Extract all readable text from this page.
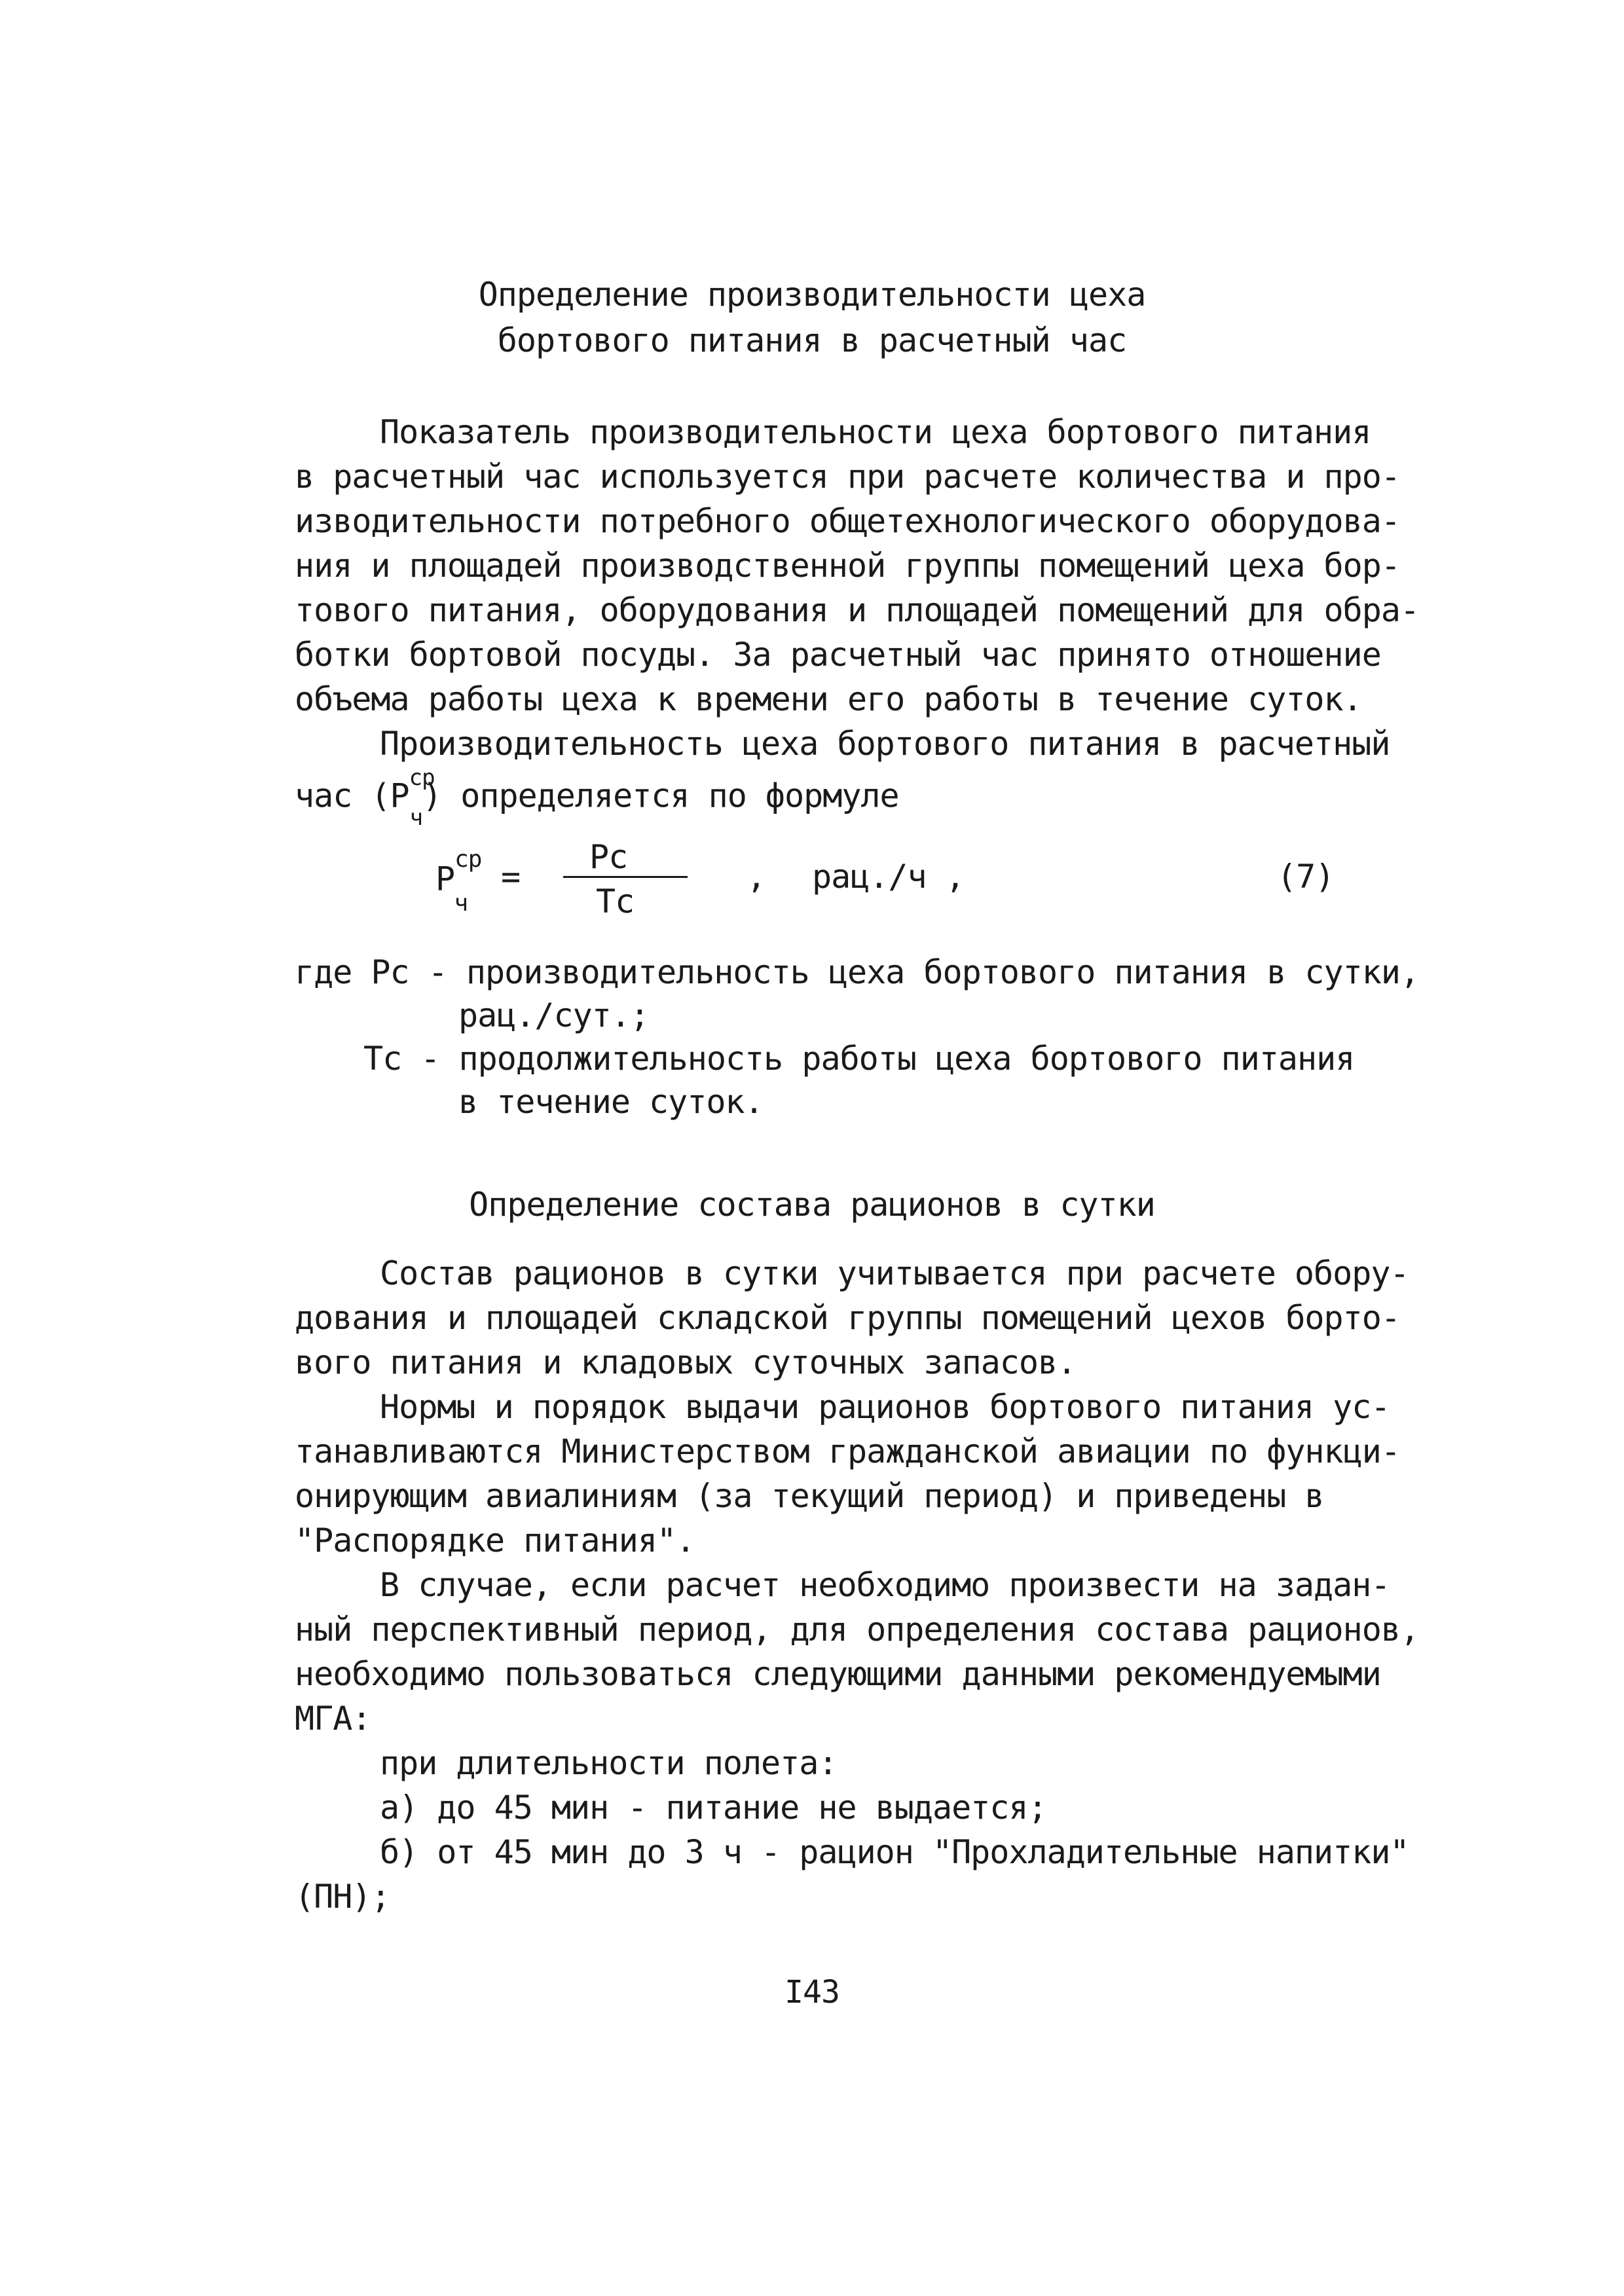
Определение производительности цеха
бортового питания в расчетный час
Показатель производительности цеха бортового питания
в расчетный час используется при расчете количества и про-
изводительности потребного общетехнологического оборудова-
ния и площадей производственной группы помещений цеха бор-
тового питания, оборудования и площадей помещений для обра-
ботки бортовой посуды. За расчетный час принято отношение
объема работы цеха к времени его работы в течение суток.
Производительность цеха бортового питания в расчетный
час $(Р^{ср}_ч)$ определяется по формуле
$Р^{ср}_ч$
=
Рс
Тс
, рац./ч ,	(7)
где Рс - производительность цеха бортового питания в сутки,
рац./сут.;
Тс - продолжительность работы цеха бортового питания
в течение суток.
Определение состава рационов в сутки
Состав рационов в сутки учитывается при расчете обору-
дования и площадей складской группы помещений цехов борто-
вого питания и кладовых суточных запасов.
Нормы и порядок выдачи рационов бортового питания ус-
танавливаются Министерством гражданской авиации по функци-
онирующим авиалиниям (за текущий период) и приведены в
"Распорядке питания".
В случае, если расчет необходимо произвести на задан-
ный перспективный период, для определения состава рационов,
необходимо пользоваться следующими данными рекомендуемыми
МГА:
при длительности полета:
а) до 45 мин - питание не выдается;
б) от 45 мин до 3 ч - рацион "Прохладительные напитки"
(ПН);
I43
